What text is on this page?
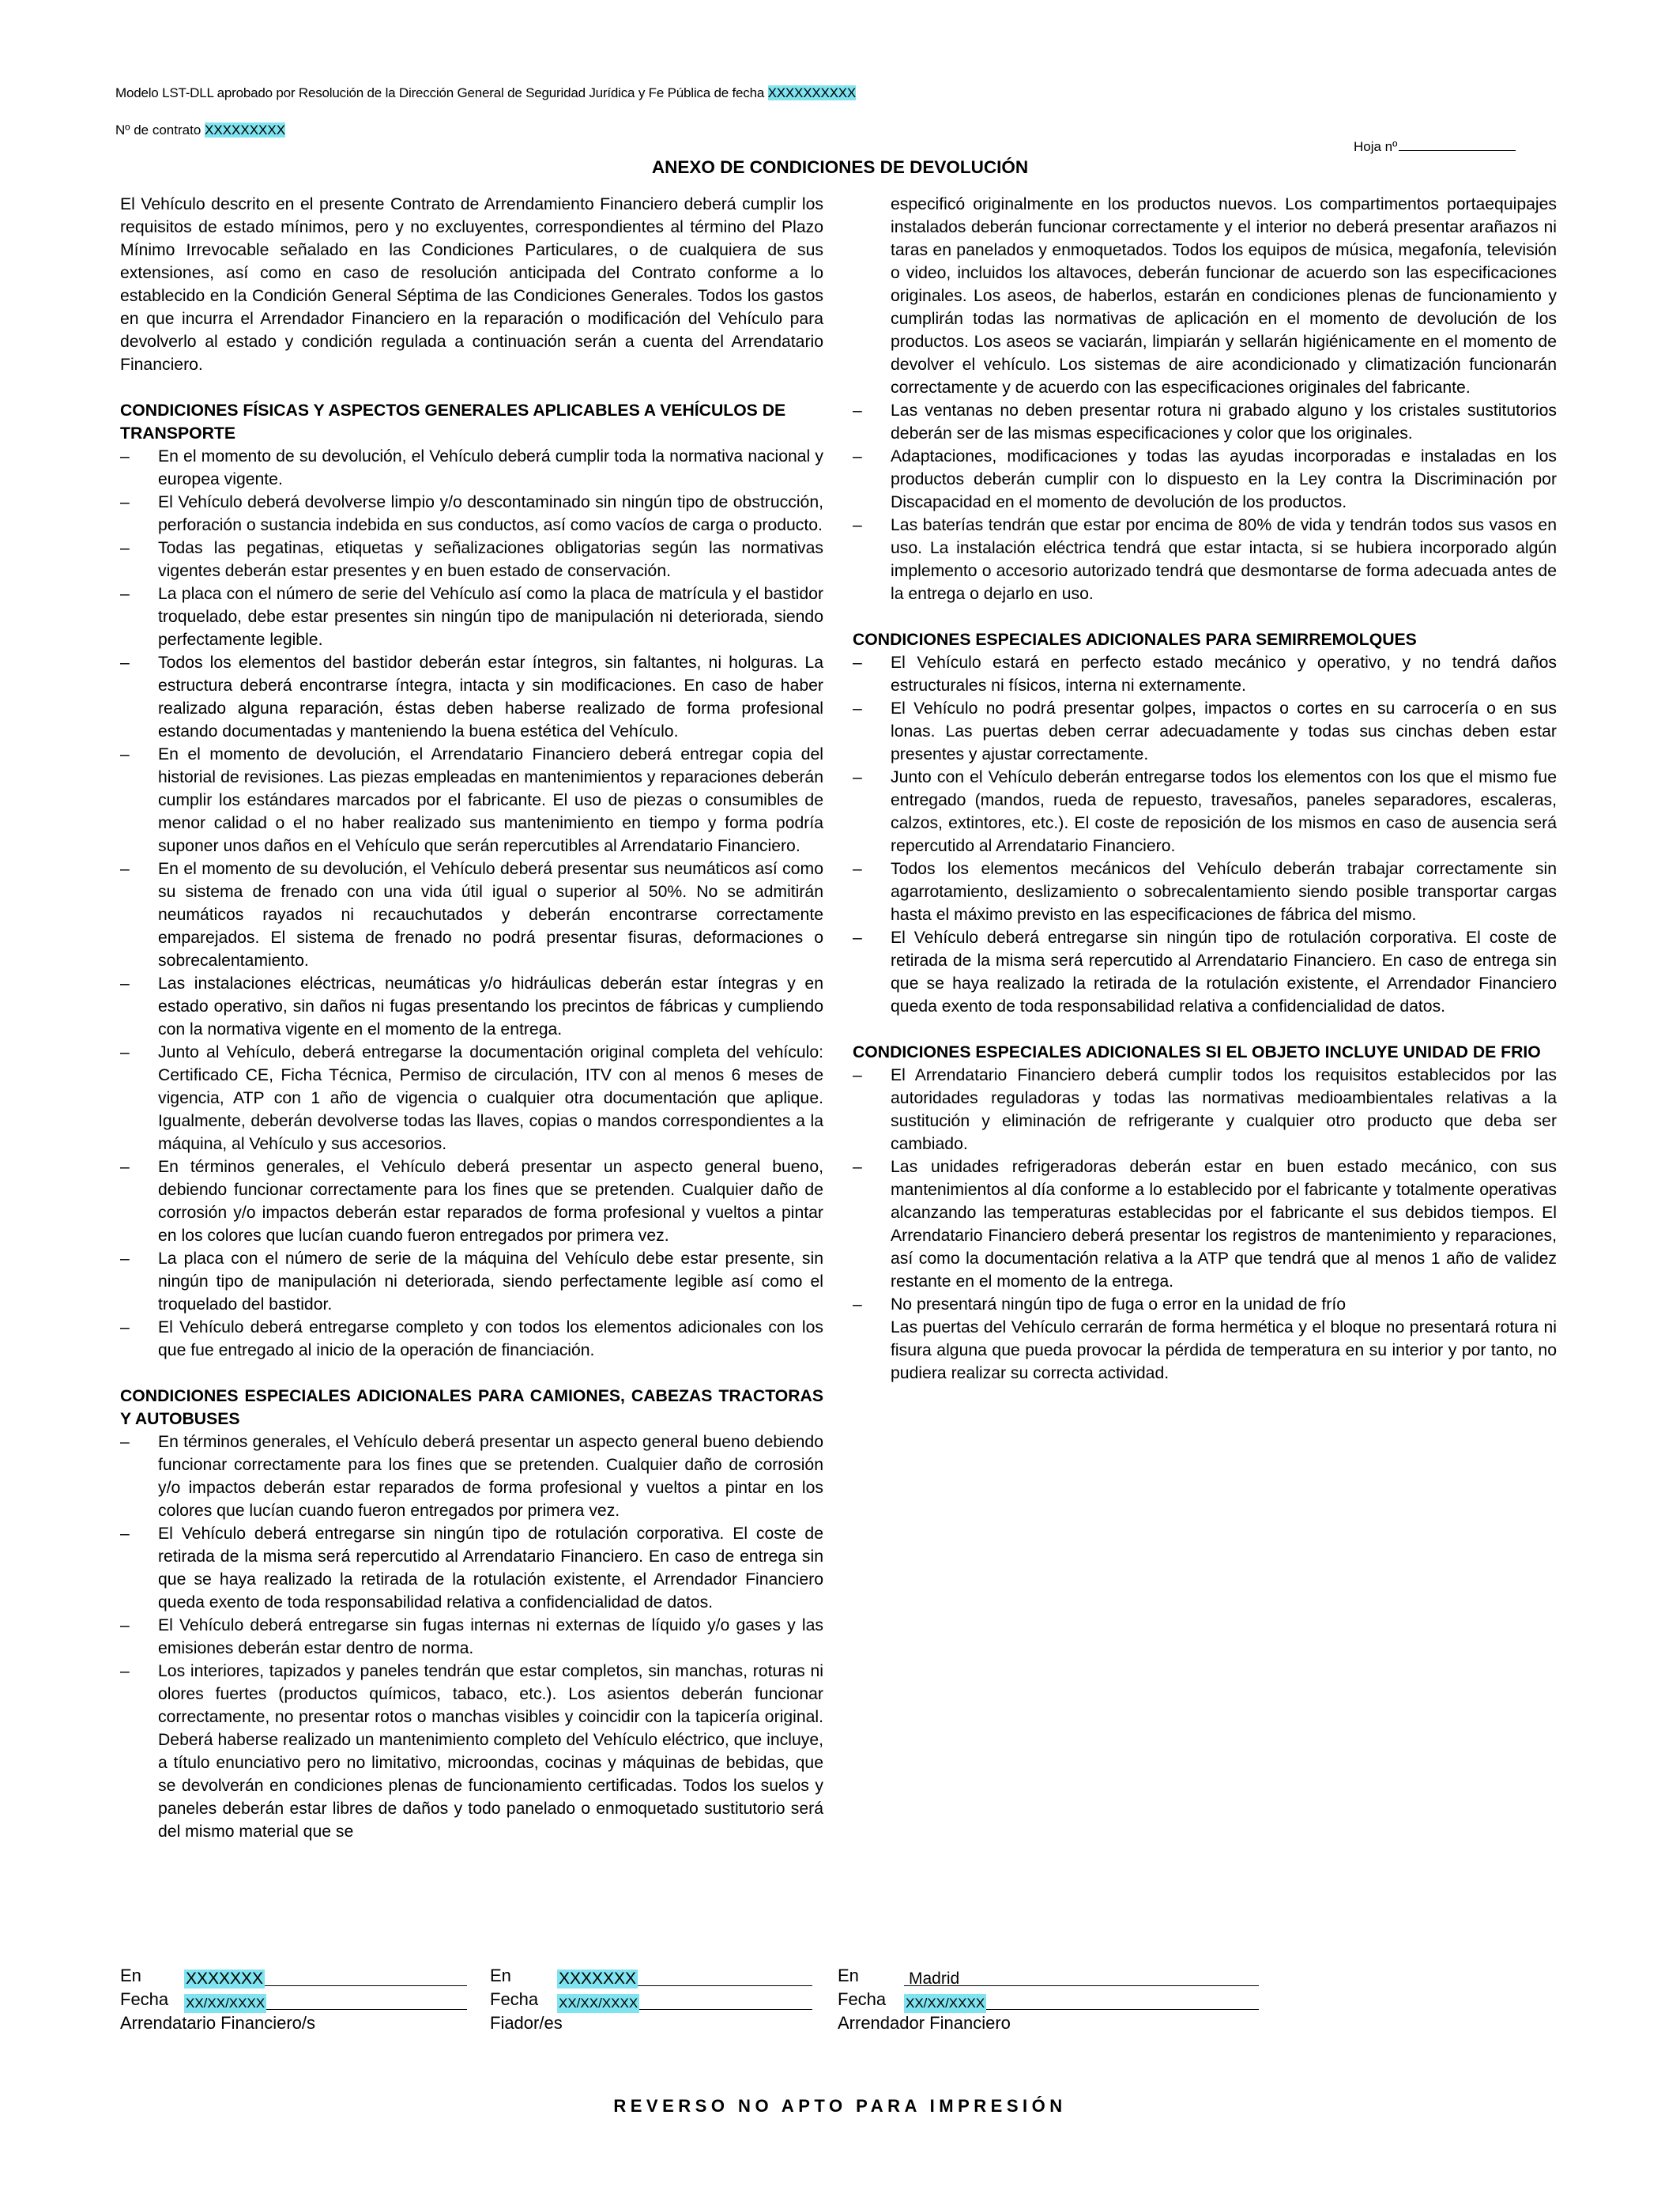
Modelo LST-DLL aprobado por Resolución de la Dirección General de Seguridad Jurídica y Fe Pública de fecha XXXXXXXXXX
Nº de contrato XXXXXXXXX
Hoja nº
ANEXO DE CONDICIONES DE DEVOLUCIÓN

El Vehículo descrito en el presente Contrato de Arrendamiento Financiero deberá cumplir los requisitos de estado mínimos, pero y no excluyentes, correspondientes al término del Plazo Mínimo Irrevocable señalado en las Condiciones Particulares, o de cualquiera de sus extensiones, así como en caso de resolución anticipada del Contrato conforme a lo establecido en la Condición General Séptima de las Condiciones Generales. Todos los gastos en que incurra el Arrendador Financiero en la reparación o modificación del Vehículo para devolverlo al estado y condición regulada a continuación serán a cuenta del Arrendatario Financiero.

CONDICIONES FÍSICAS Y ASPECTOS GENERALES APLICABLES A VEHÍCULOS DE TRANSPORTE

– En el momento de su devolución, el Vehículo deberá cumplir toda la normativa nacional y europea vigente.
– El Vehículo deberá devolverse limpio y/o descontaminado sin ningún tipo de obstrucción, perforación o sustancia indebida en sus conductos, así como vacíos de carga o producto.
– Todas las pegatinas, etiquetas y señalizaciones obligatorias según las normativas vigentes deberán estar presentes y en buen estado de conservación.
– La placa con el número de serie del Vehículo así como la placa de matrícula y el bastidor troquelado, debe estar presentes sin ningún tipo de manipulación ni deteriorada, siendo perfectamente legible.
– Todos los elementos del bastidor deberán estar íntegros, sin faltantes, ni holguras. La estructura deberá encontrarse íntegra, intacta y sin modificaciones. En caso de haber realizado alguna reparación, éstas deben haberse realizado de forma profesional estando documentadas y manteniendo la buena estética del Vehículo.
– En el momento de devolución, el Arrendatario Financiero deberá entregar copia del historial de revisiones. Las piezas empleadas en mantenimientos y reparaciones deberán cumplir los estándares marcados por el fabricante. El uso de piezas o consumibles de menor calidad o el no haber realizado sus mantenimiento en tiempo y forma podría suponer unos daños en el Vehículo que serán repercutibles al Arrendatario Financiero.
– En el momento de su devolución, el Vehículo deberá presentar sus neumáticos así como su sistema de frenado con una vida útil igual o superior al 50%. No se admitirán neumáticos rayados ni recauchutados y deberán encontrarse correctamente emparejados. El sistema de frenado no podrá presentar fisuras, deformaciones o sobrecalentamiento.
– Las instalaciones eléctricas, neumáticas y/o hidráulicas deberán estar íntegras y en estado operativo, sin daños ni fugas presentando los precintos de fábricas y cumpliendo con la normativa vigente en el momento de la entrega.
– Junto al Vehículo, deberá entregarse la documentación original completa del vehículo: Certificado CE, Ficha Técnica, Permiso de circulación, ITV con al menos 6 meses de vigencia, ATP con 1 año de vigencia o cualquier otra documentación que aplique. Igualmente, deberán devolverse todas las llaves, copias o mandos correspondientes a la máquina, al Vehículo y sus accesorios.
– En términos generales, el Vehículo deberá presentar un aspecto general bueno, debiendo funcionar correctamente para los fines que se pretenden. Cualquier daño de corrosión y/o impactos deberán estar reparados de forma profesional y vueltos a pintar en los colores que lucían cuando fueron entregados por primera vez.
– La placa con el número de serie de la máquina del Vehículo debe estar presente, sin ningún tipo de manipulación ni deteriorada, siendo perfectamente legible así como el troquelado del bastidor.
– El Vehículo deberá entregarse completo y con todos los elementos adicionales con los que fue entregado al inicio de la operación de financiación.

CONDICIONES ESPECIALES ADICIONALES PARA CAMIONES, CABEZAS TRACTORAS Y AUTOBUSES

– En términos generales, el Vehículo deberá presentar un aspecto general bueno debiendo funcionar correctamente para los fines que se pretenden. Cualquier daño de corrosión y/o impactos deberán estar reparados de forma profesional y vueltos a pintar en los colores que lucían cuando fueron entregados por primera vez.
– El Vehículo deberá entregarse sin ningún tipo de rotulación corporativa. El coste de retirada de la misma será repercutido al Arrendatario Financiero. En caso de entrega sin que se haya realizado la retirada de la rotulación existente, el Arrendador Financiero queda exento de toda responsabilidad relativa a confidencialidad de datos.
– El Vehículo deberá entregarse sin fugas internas ni externas de líquido y/o gases y las emisiones deberán estar dentro de norma.
– Los interiores, tapizados y paneles tendrán que estar completos, sin manchas, roturas ni olores fuertes (productos químicos, tabaco, etc.). Los asientos deberán funcionar correctamente, no presentar rotos o manchas visibles y coincidir con la tapicería original. Deberá haberse realizado un mantenimiento completo del Vehículo eléctrico, que incluye, a título enunciativo pero no limitativo, microondas, cocinas y máquinas de bebidas, que se devolverán en condiciones plenas de funcionamiento certificadas. Todos los suelos y paneles deberán estar libres de daños y todo panelado o enmoquetado sustitutorio será del mismo material que se

especificó originalmente en los productos nuevos. Los compartimentos portaequipajes instalados deberán funcionar correctamente y el interior no deberá presentar arañazos ni taras en panelados y enmoquetados. Todos los equipos de música, megafonía, televisión o video, incluidos los altavoces, deberán funcionar de acuerdo son las especificaciones originales. Los aseos, de haberlos, estarán en condiciones plenas de funcionamiento y cumplirán todas las normativas de aplicación en el momento de devolución de los productos. Los aseos se vaciarán, limpiarán y sellarán higiénicamente en el momento de devolver el vehículo. Los sistemas de aire acondicionado y climatización funcionarán correctamente y de acuerdo con las especificaciones originales del fabricante.

– Las ventanas no deben presentar rotura ni grabado alguno y los cristales sustitutorios deberán ser de las mismas especificaciones y color que los originales.
– Adaptaciones, modificaciones y todas las ayudas incorporadas e instaladas en los productos deberán cumplir con lo dispuesto en la Ley contra la Discriminación por Discapacidad en el momento de devolución de los productos.
– Las baterías tendrán que estar por encima de 80% de vida y tendrán todos sus vasos en uso. La instalación eléctrica tendrá que estar intacta, si se hubiera incorporado algún implemento o accesorio autorizado tendrá que desmontarse de forma adecuada antes de la entrega o dejarlo en uso.

CONDICIONES ESPECIALES ADICIONALES PARA SEMIRREMOLQUES

– El Vehículo estará en perfecto estado mecánico y operativo, y no tendrá daños estructurales ni físicos, interna ni externamente.
– El Vehículo no podrá presentar golpes, impactos o cortes en su carrocería o en sus lonas. Las puertas deben cerrar adecuadamente y todas sus cinchas deben estar presentes y ajustar correctamente.
– Junto con el Vehículo deberán entregarse todos los elementos con los que el mismo fue entregado (mandos, rueda de repuesto, travesaños, paneles separadores, escaleras, calzos, extintores, etc.). El coste de reposición de los mismos en caso de ausencia será repercutido al Arrendatario Financiero.
– Todos los elementos mecánicos del Vehículo deberán trabajar correctamente sin agarrotamiento, deslizamiento o sobrecalentamiento siendo posible transportar cargas hasta el máximo previsto en las especificaciones de fábrica del mismo.
– El Vehículo deberá entregarse sin ningún tipo de rotulación corporativa. El coste de retirada de la misma será repercutido al Arrendatario Financiero. En caso de entrega sin que se haya realizado la retirada de la rotulación existente, el Arrendador Financiero queda exento de toda responsabilidad relativa a confidencialidad de datos.

CONDICIONES ESPECIALES ADICIONALES SI EL OBJETO INCLUYE UNIDAD DE FRIO

– El Arrendatario Financiero deberá cumplir todos los requisitos establecidos por las autoridades reguladoras y todas las normativas medioambientales relativas a la sustitución y eliminación de refrigerante y cualquier otro producto que deba ser cambiado.
– Las unidades refrigeradoras deberán estar en buen estado mecánico, con sus mantenimientos al día conforme a lo establecido por el fabricante y totalmente operativas alcanzando las temperaturas establecidas por el fabricante el sus debidos tiempos. El Arrendatario Financiero deberá presentar los registros de mantenimiento y reparaciones, así como la documentación relativa a la ATP que tendrá que al menos 1 año de validez restante en el momento de la entrega.
– No presentará ningún tipo de fuga o error en la unidad de frío

Las puertas del Vehículo cerrarán de forma hermética y el bloque no presentará rotura ni fisura alguna que pueda provocar la pérdida de temperatura en su interior y por tanto, no pudiera realizar su correcta actividad.

En	XXXXXXX
Fecha XX/XX/XXXX
Arrendatario Financiero/s
En	XXXXXXX
Fecha XX/XX/XXXX
Fiador/es
En	Madrid
Fecha XX/XX/XXXX
Arrendador Financiero
REVERSO NO APTO PARA IMPRESIÓN
